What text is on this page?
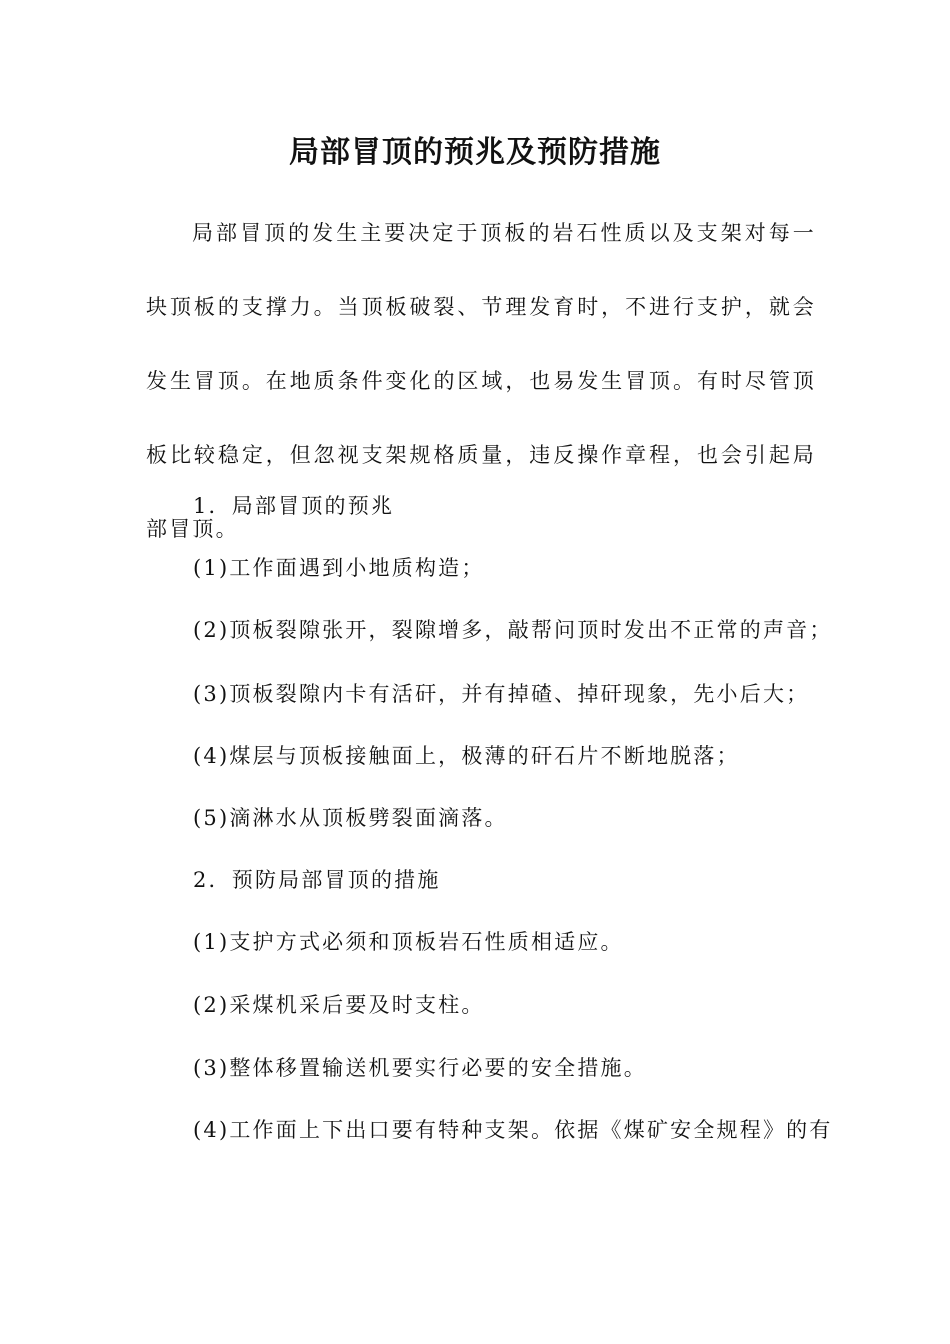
局部冒顶的预兆及预防措施

局部冒顶的发生主要决定于顶板的岩石性质以及支架对每一块顶板的支撑力。当顶板破裂、节理发育时，不进行支护，就会发生冒顶。在地质条件变化的区域，也易发生冒顶。有时尽管顶板比较稳定，但忽视支架规格质量，违反操作章程，也会引起局部冒顶。

1．局部冒顶的预兆
(1)工作面遇到小地质构造；
(2)顶板裂隙张开，裂隙增多，敲帮问顶时发出不正常的声音；
(3)顶板裂隙内卡有活矸，并有掉碴、掉矸现象，先小后大；
(4)煤层与顶板接触面上，极薄的矸石片不断地脱落；
(5)滴淋水从顶板劈裂面滴落。
2．预防局部冒顶的措施
(1)支护方式必须和顶板岩石性质相适应。
(2)采煤机采后要及时支柱。
(3)整体移置输送机要实行必要的安全措施。
(4)工作面上下出口要有特种支架。依据《煤矿安全规程》的有
